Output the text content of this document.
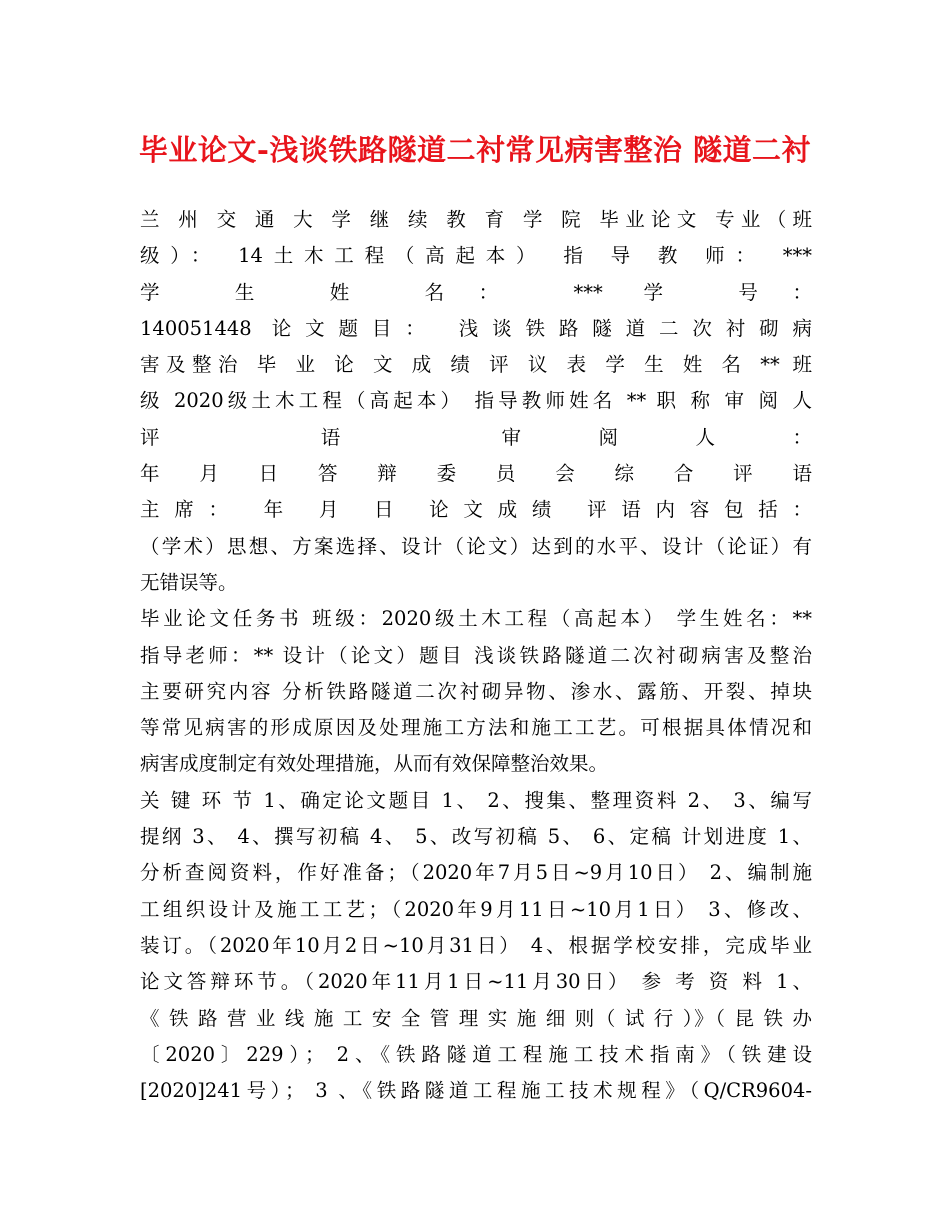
毕业论文-浅谈铁路隧道二衬常见病害整治 隧道二衬
兰 州 交 通 大 学 继 续 教 育 学 院 毕业论文 专业（班
级）： 14土木工程（高起本） 指 导 教 师： ***
学 生 姓 名： *** 学 号：
140051448 论文题目： 浅谈铁路隧道二次衬砌病
害及整治 毕 业 论 文 成 绩 评 议 表 学 生 姓 名 ** 班
级 2020级土木工程（高起本） 指导教师姓名 ** 职 称 审 阅 人
评 语 审阅人：
年 月 日 答 辩 委 员 会 综 合 评 语
主席： 年 月 日 论文成绩 评语内容包括：
（学术）思想、方案选择、设计（论文）达到的水平、设计（论证）有
无错误等。
毕业论文任务书 班级：2020级土木工程（高起本） 学生姓名：**
指导老师：** 设计（论文）题目 浅谈铁路隧道二次衬砌病害及整治
主要研究内容 分析铁路隧道二次衬砌异物、渗水、露筋、开裂、掉块
等常见病害的形成原因及处理施工方法和施工工艺。可根据具体情况和
病害成度制定有效处理措施，从而有效保障整治效果。
关 键 环 节 1、确定论文题目 1、 2、搜集、整理资料 2、 3、编写
提纲 3、 4、撰写初稿 4、 5、改写初稿 5、 6、定稿 计划进度 1、
分析查阅资料，作好准备；（2020年7月5日~9月10日） 2、编制施
工组织设计及施工工艺；（2020年9月11日~10月1日） 3、修改、
装订。（2020年10月2日~10月31日） 4、根据学校安排，完成毕业
论文答辩环节。（2020年11月1日~11月30日） 参 考 资 料 1、
《 铁 路 营 业 线 施 工 安 全 管 理 实 施 细 则（ 试 行 ）》（ 昆 铁 办
〔2020〕229）； 2、《铁路隧道工程施工技术指南》（铁建设
[2020]241号）； 3 、《铁路隧道工程施工技术规程》（Q/CR9604-
